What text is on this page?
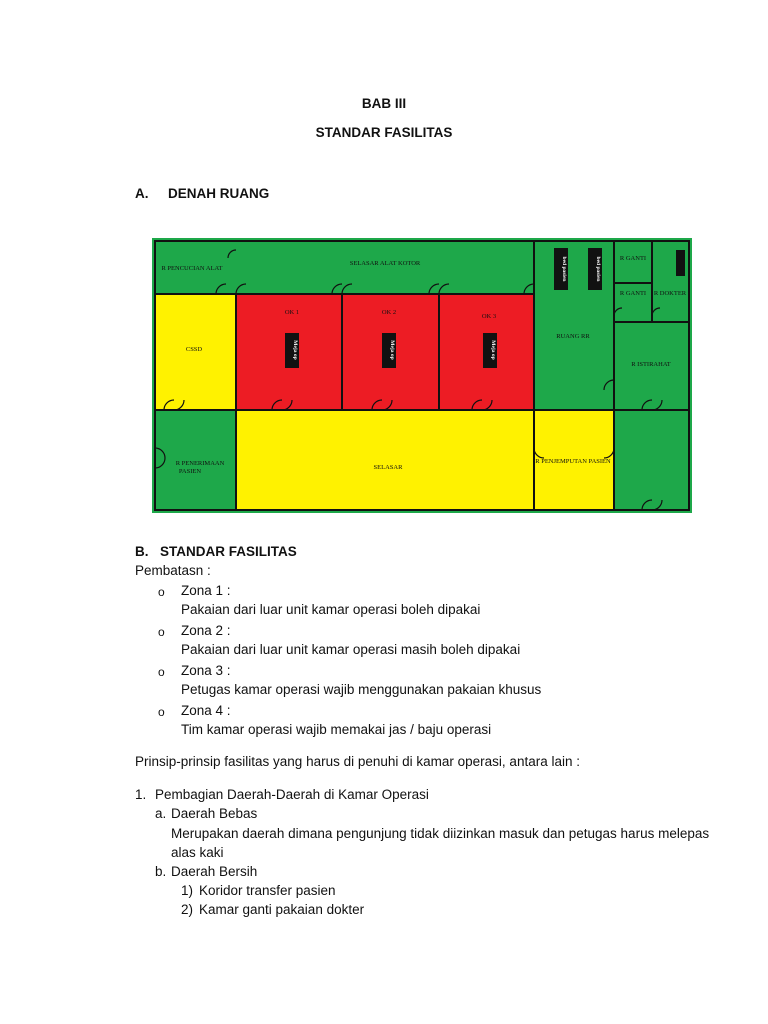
BAB III
STANDAR FASILITAS
A. DENAH RUANG
R PENCUCIAN ALAT
SELASAR ALAT KOTOR
OK 1	OK 2
OK 3
Meja op	Meja op	Meja op
bed pasien	bed pasien	R GANTI
R GANTI R DOKTER
RUANG RR
R ISTIRAHAT
CSSD
R PENERIMAAN
PASIEN
SELASAR
R PENJEMPUTAN PASIEN
B. STANDAR FASILITAS
Pembatasn :
o Zona 1 :
Pakaian dari luar unit kamar operasi boleh dipakai
o Zona 2 :
Pakaian dari luar unit kamar operasi masih boleh dipakai
o Zona 3 :
Petugas kamar operasi wajib menggunakan pakaian khusus
o Zona 4 :
Tim kamar operasi wajib memakai jas / baju operasi
Prinsip-prinsip fasilitas yang harus di penuhi di kamar operasi, antara lain :
1. Pembagian Daerah-Daerah di Kamar Operasi
a. Daerah Bebas
Merupakan daerah dimana pengunjung tidak diizinkan masuk dan petugas harus melepas
alas kaki
b. Daerah Bersih
1) Koridor transfer pasien
2) Kamar ganti pakaian dokter
